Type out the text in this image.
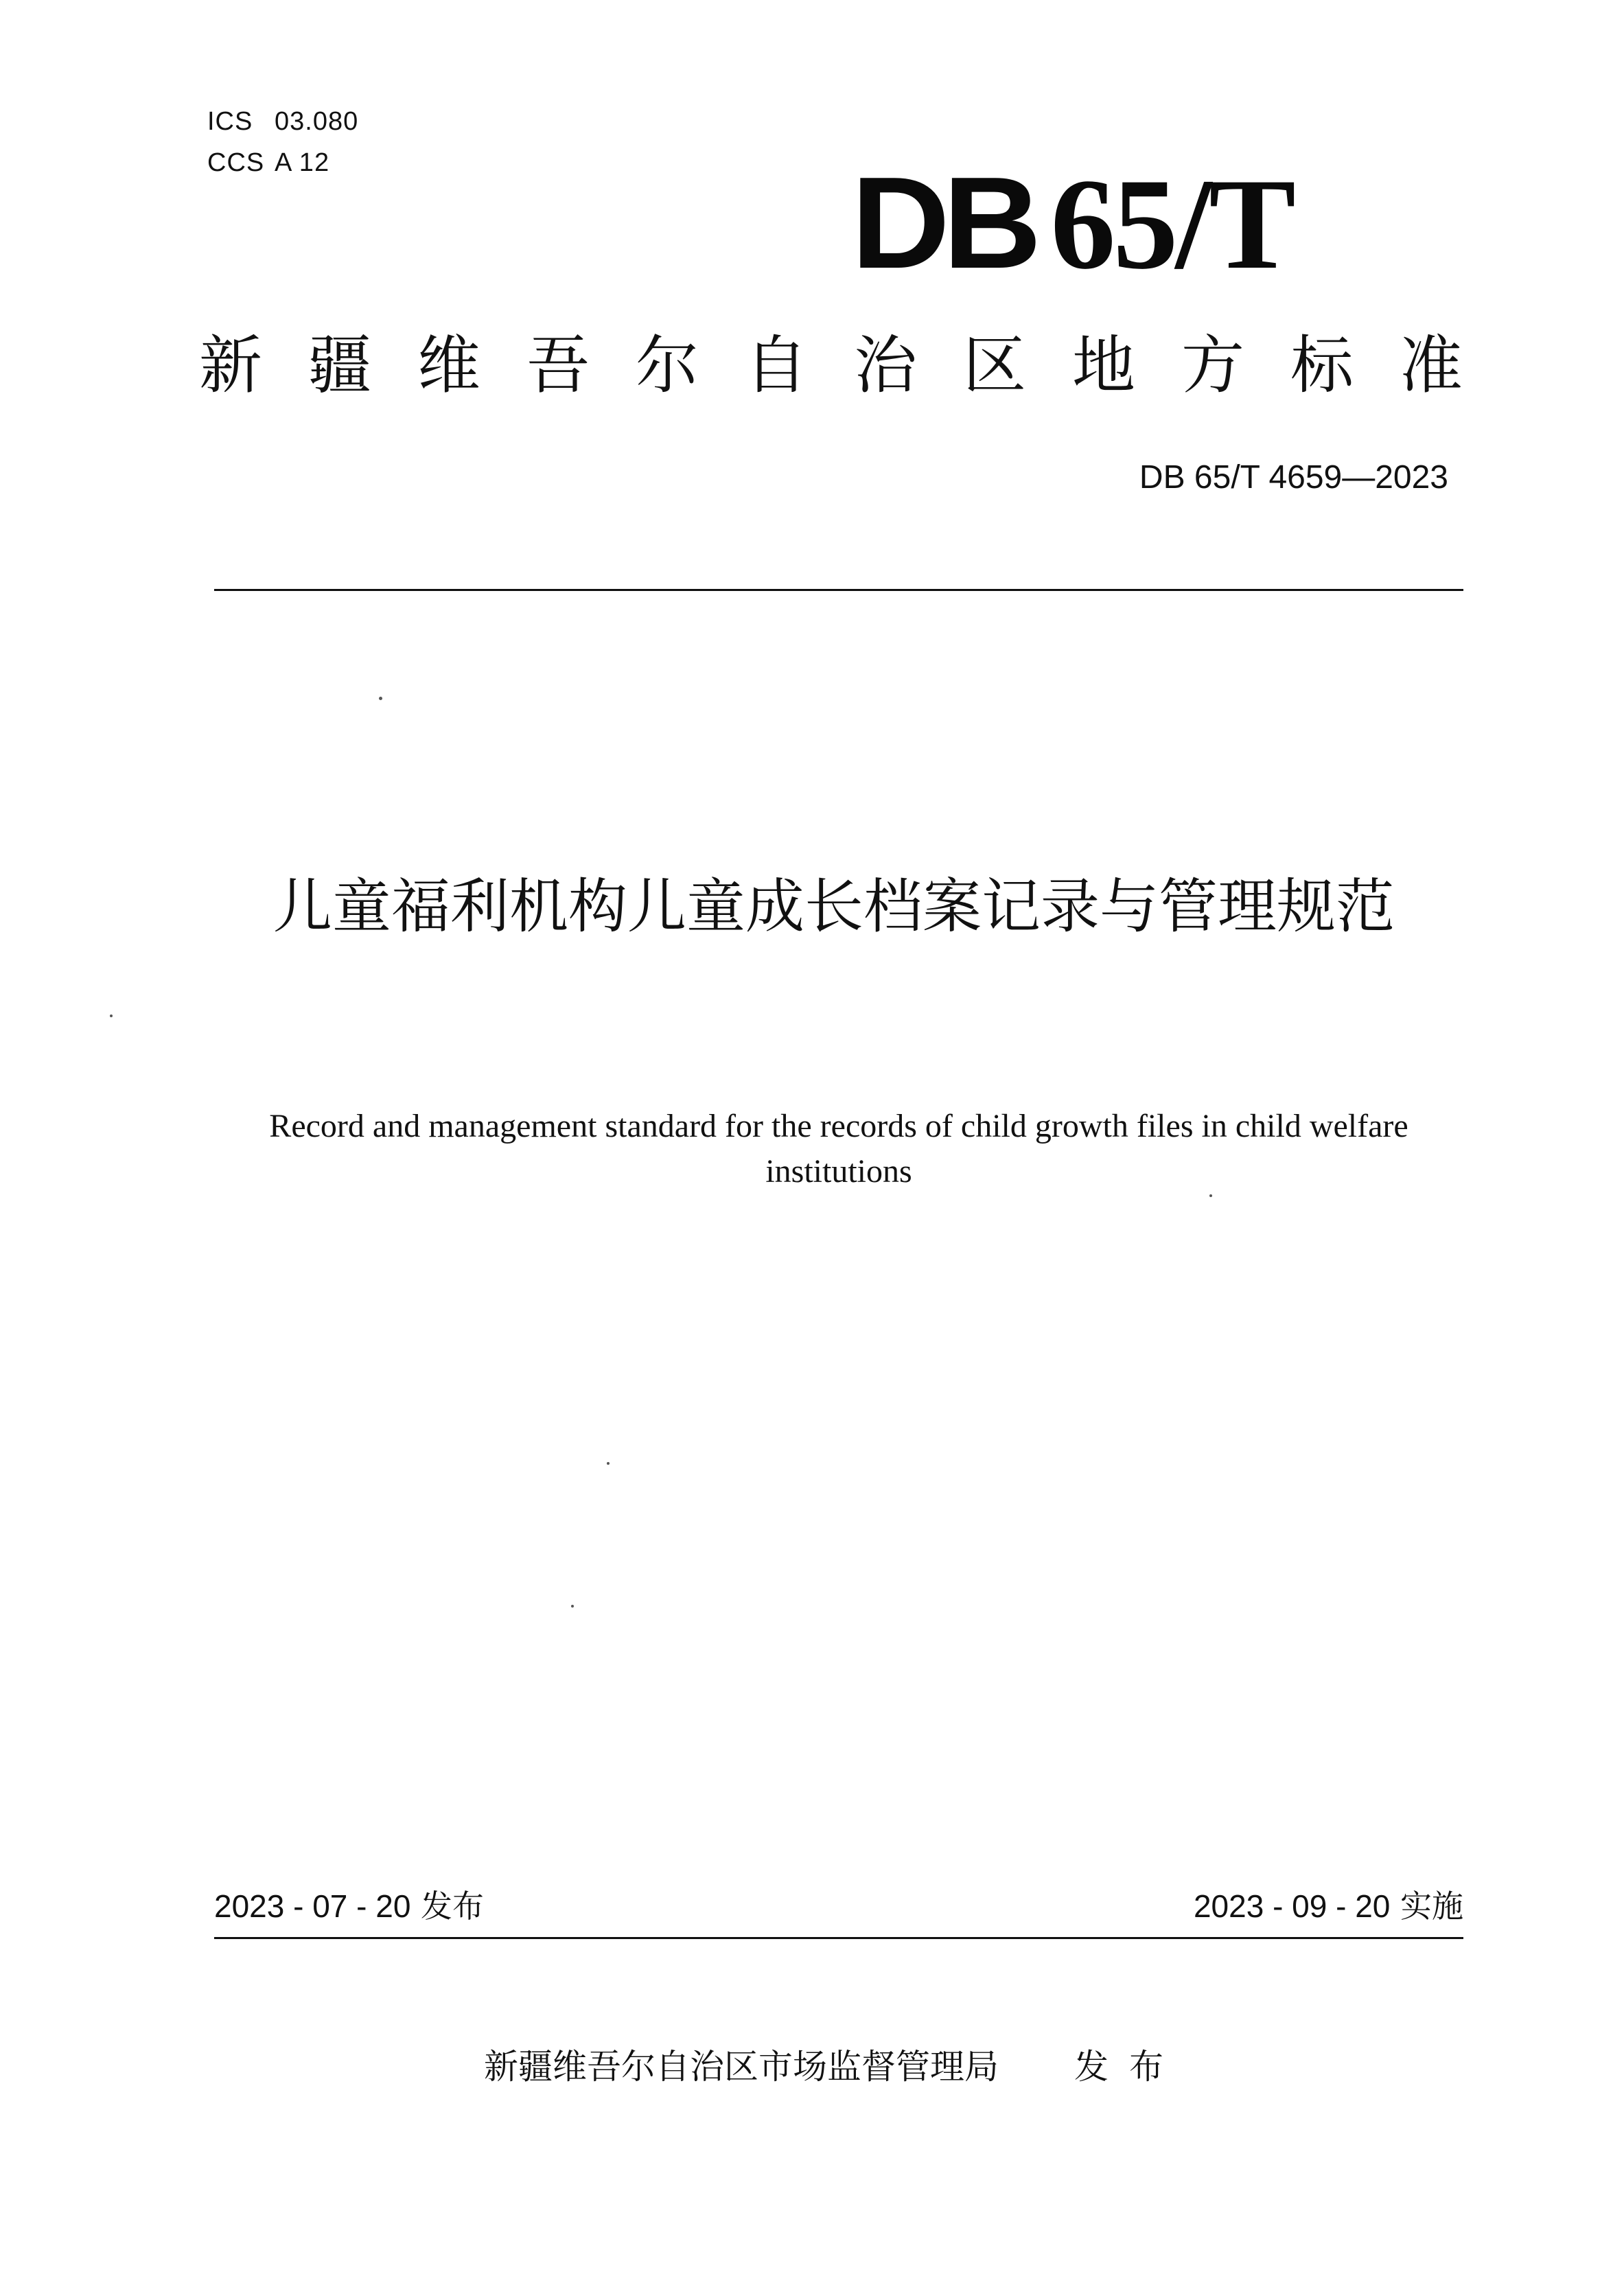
ICS 03.080
CCS A 12	DB 65/T
新疆维吾尔自治区地方标准
DB 65/T 4659—2023
儿童福利机构儿童成长档案记录与管理规范
Record and management standard for the records of child growth files in child welfare institutions
2023 - 07 - 20 发布	2023 - 09 - 20 实施
新疆维吾尔自治区市场监督管理局 发布
